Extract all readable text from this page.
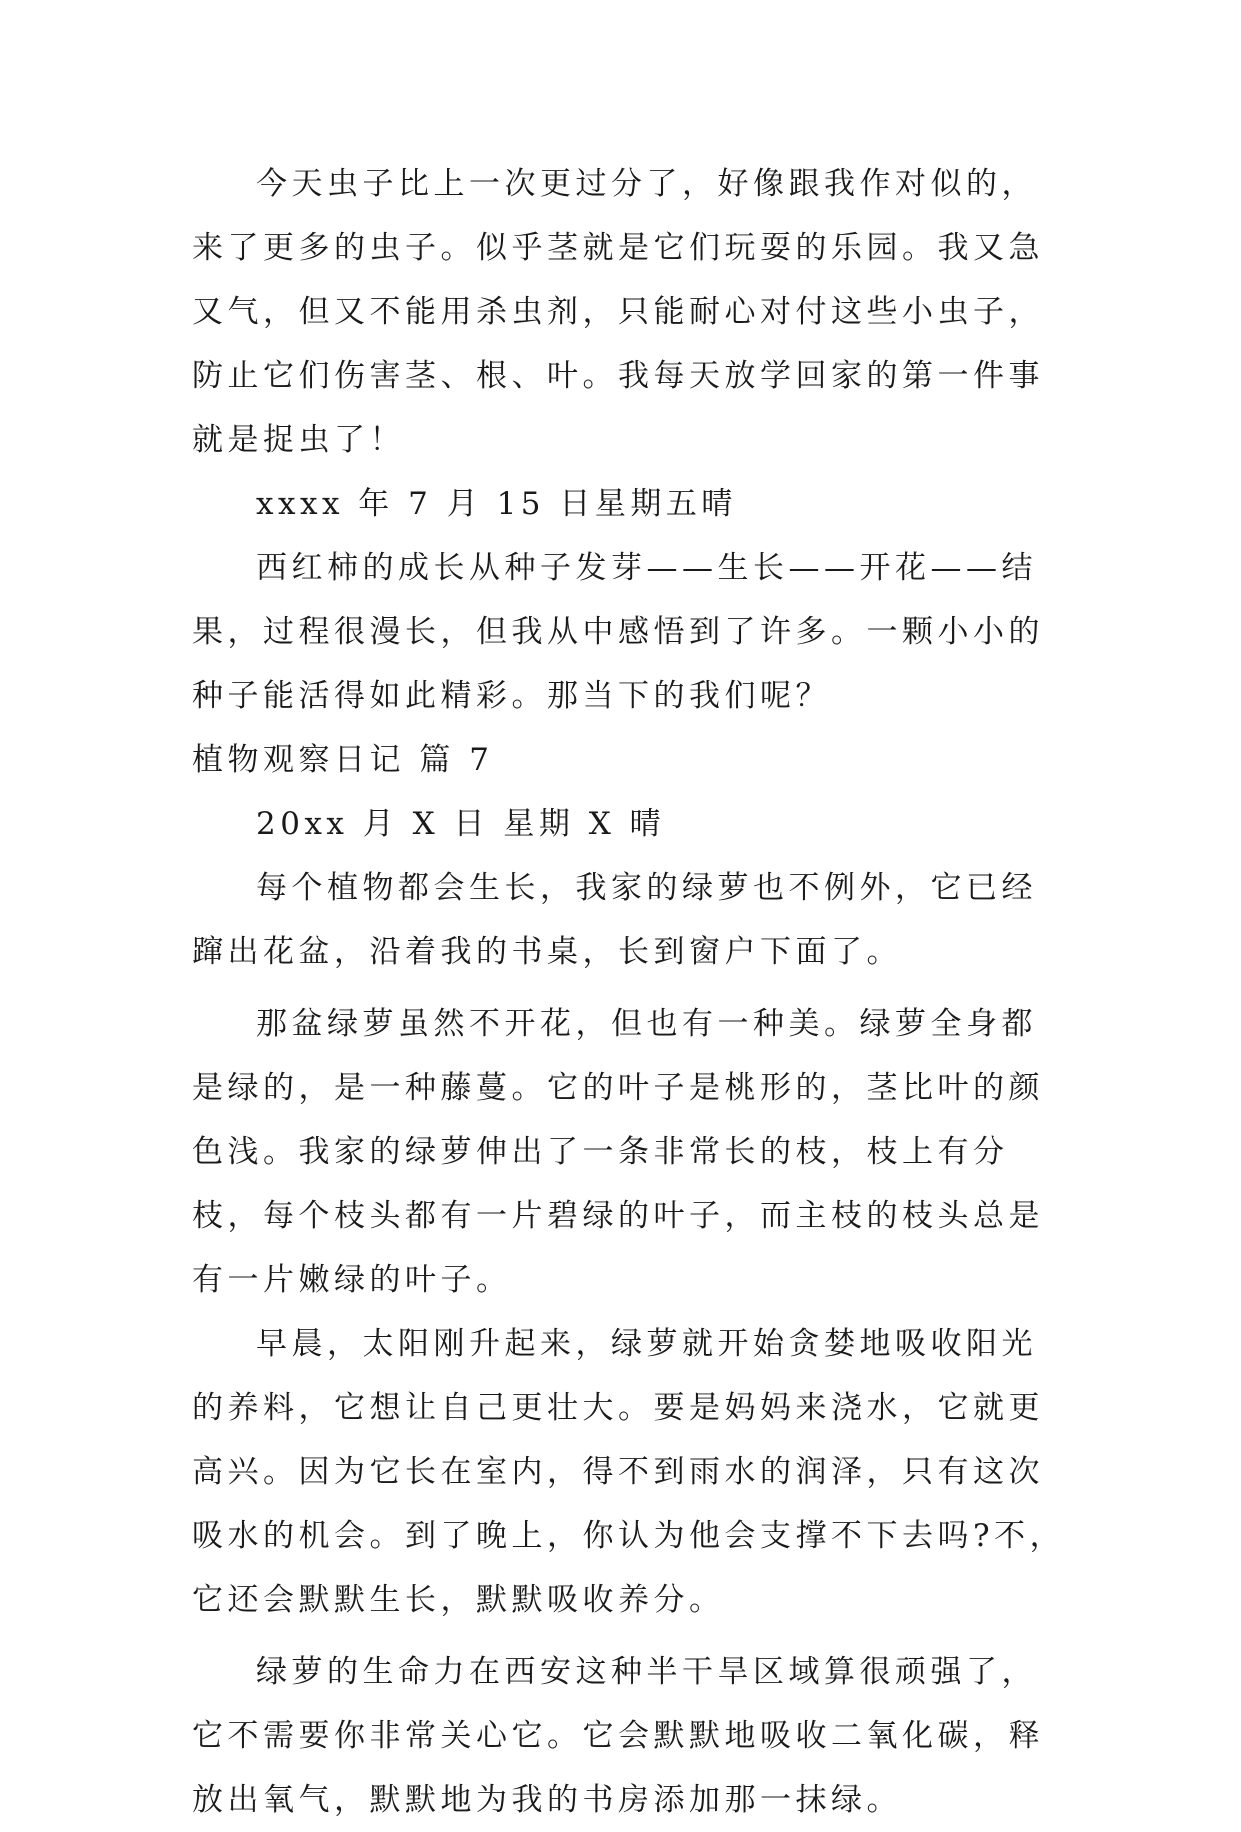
今天虫子比上一次更过分了，好像跟我作对似的，来了更多的虫子。似乎茎就是它们玩耍的乐园。我又急又气，但又不能用杀虫剂，只能耐心对付这些小虫子，防止它们伤害茎、根、叶。我每天放学回家的第一件事就是捉虫了！

xxxx 年 7 月 15 日星期五晴

西红柿的成长从种子发芽——生长——开花——结果，过程很漫长，但我从中感悟到了许多。一颗小小的种子能活得如此精彩。那当下的我们呢？

植物观察日记 篇 7

20xx 月 X 日 星期 X 晴

每个植物都会生长，我家的绿萝也不例外，它已经蹿出花盆，沿着我的书桌，长到窗户下面了。

那盆绿萝虽然不开花，但也有一种美。绿萝全身都是绿的，是一种藤蔓。它的叶子是桃形的，茎比叶的颜色浅。我家的绿萝伸出了一条非常长的枝，枝上有分枝，每个枝头都有一片碧绿的叶子，而主枝的枝头总是有一片嫩绿的叶子。

早晨，太阳刚升起来，绿萝就开始贪婪地吸收阳光的养料，它想让自己更壮大。要是妈妈来浇水，它就更高兴。因为它长在室内，得不到雨水的润泽，只有这次吸水的机会。到了晚上，你认为他会支撑不下去吗?不，它还会默默生长，默默吸收养分。

绿萝的生命力在西安这种半干旱区域算很顽强了，它不需要你非常关心它。它会默默地吸收二氧化碳，释放出氧气，默默地为我的书房添加那一抹绿。
